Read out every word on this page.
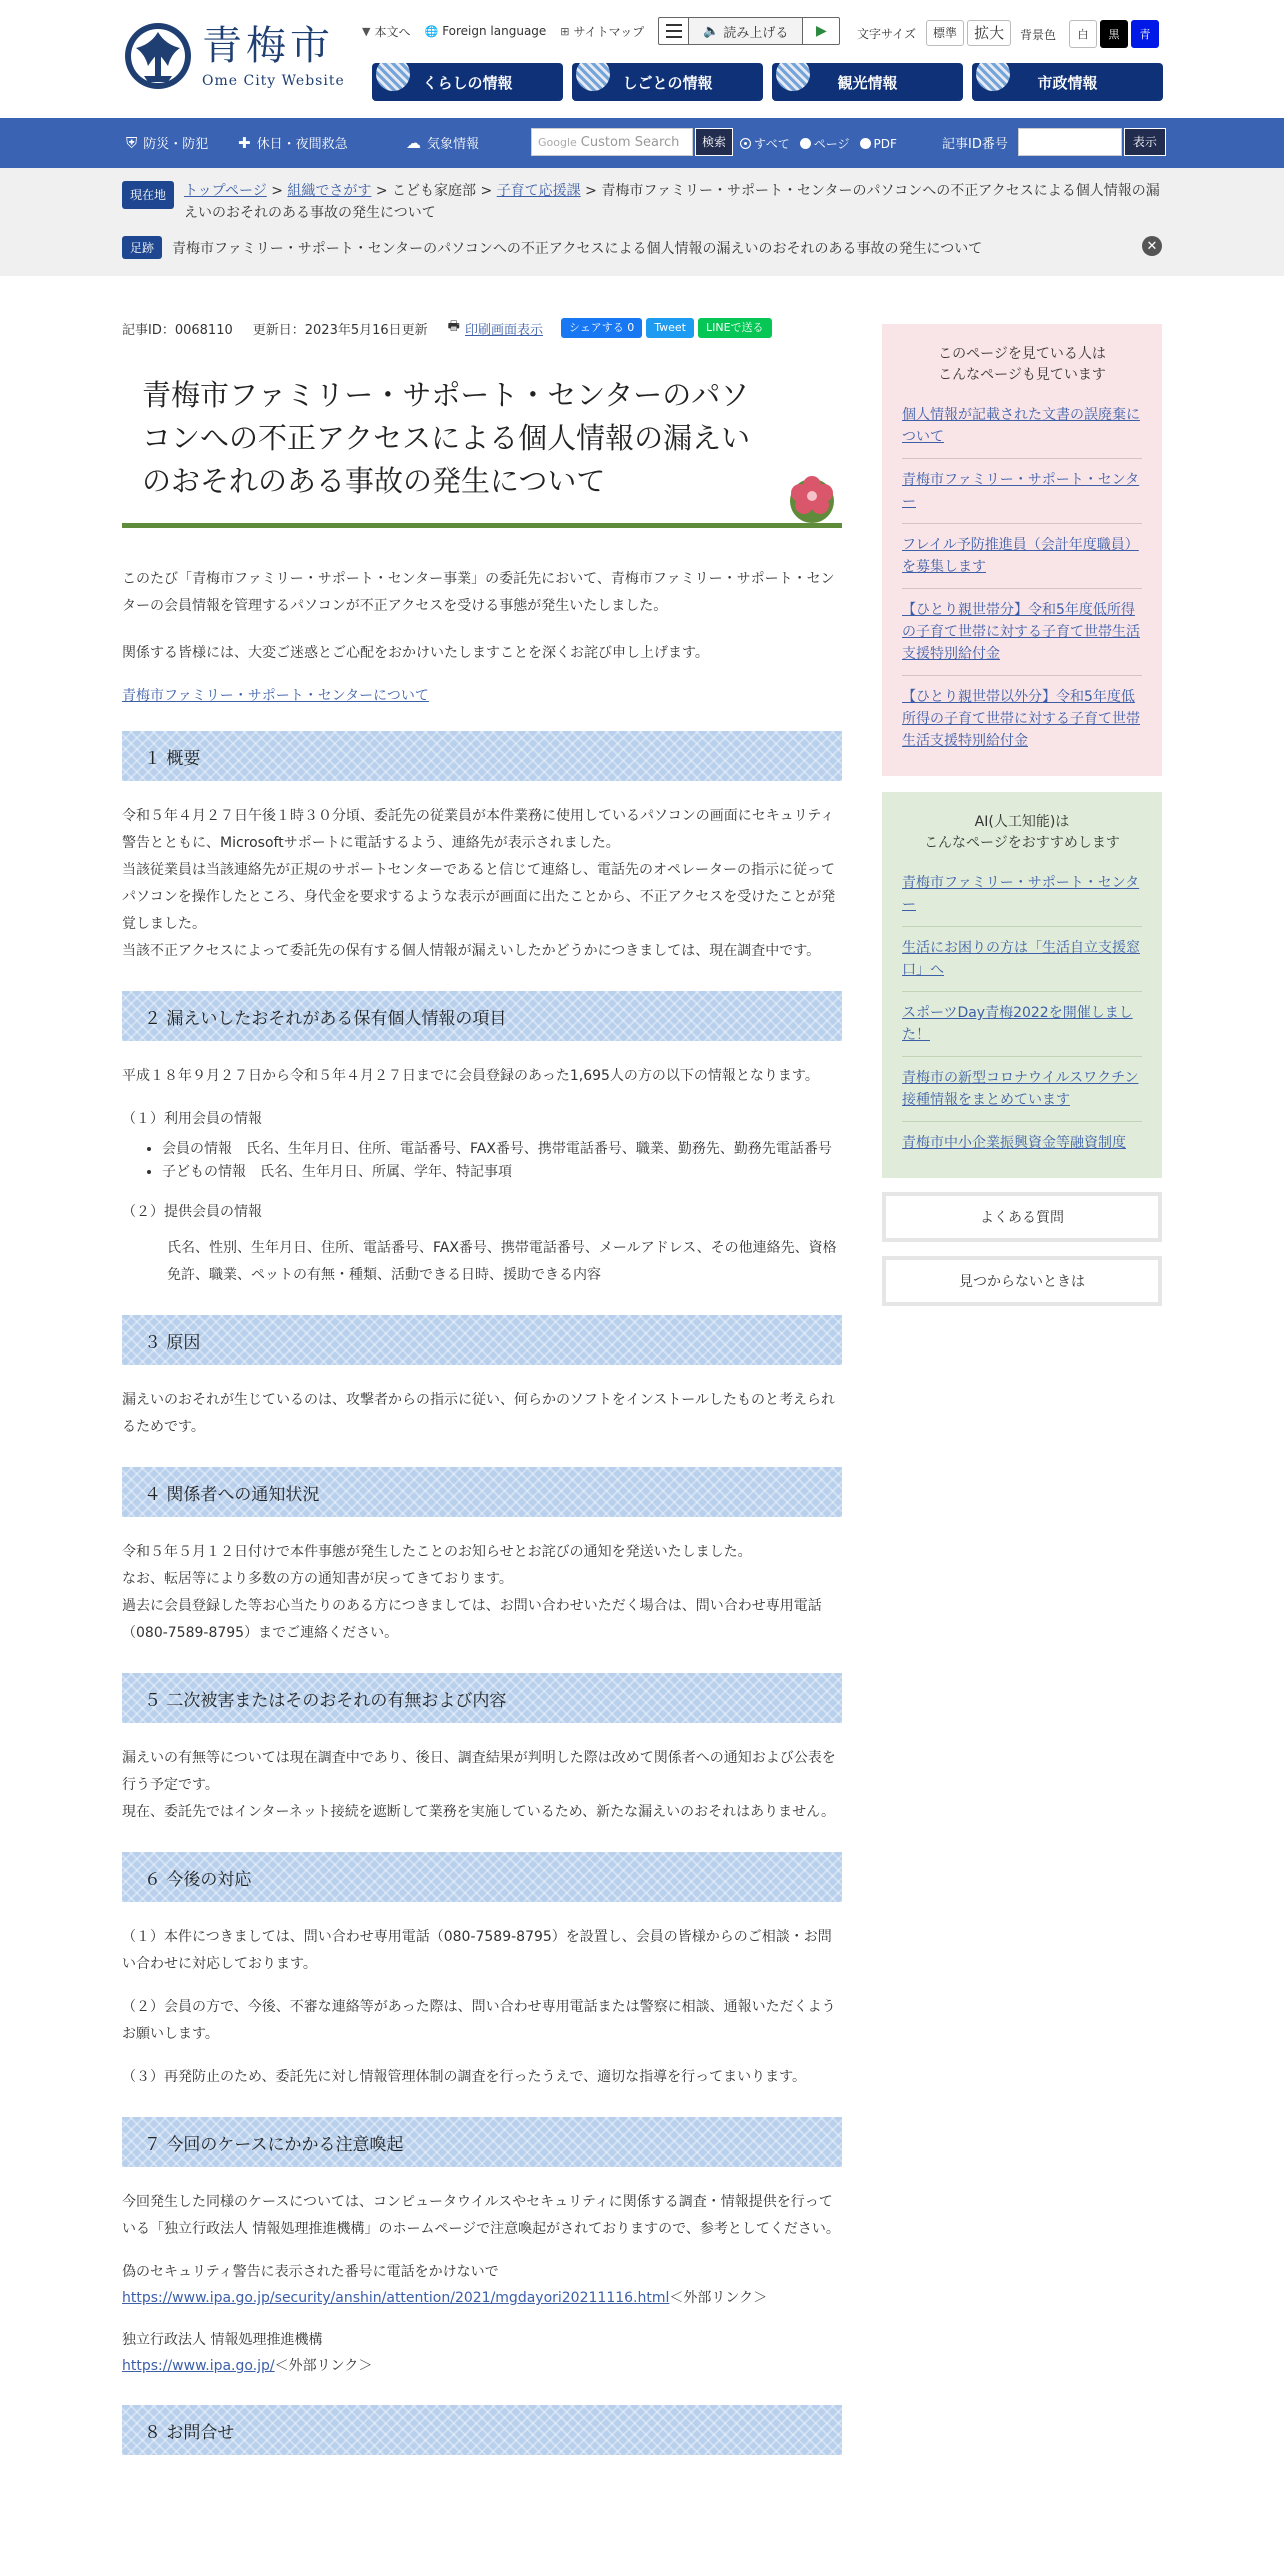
青梅市
Ome City Website
▼ 本文へ 🌐 Foreign language ⊞ サイトマップ	🔈 読み上げる	▶	文字サイズ	標準	拡大	背景色	白	黒	青
くらしの情報	しごとの情報	観光情報	市政情報
⛨ 防災・防犯 ✚ 休日・夜間救急	☁ 気象情報	Google Custom Search	検索	すべて ページ PDF	記事ID番号	表示
現在地	トップページ > 組織でさがす > こども家庭部 > 子育て応援課 > 青梅市ファミリー・サポート・センターのパソコンへの不正アクセスによる個人情報の漏えいのおそれのある事故の発生について
足跡	青梅市ファミリー・サポート・センターのパソコンへの不正アクセスによる個人情報の漏えいのおそれのある事故の発生について	✕
記事ID：0068110 更新日：2023年5月16日更新 🖶 印刷画面表示	シェアする 0	Tweet	LINEで送る
青梅市ファミリー・サポート・センターのパソコンへの不正アクセスによる個人情報の漏えいのおそれのある事故の発生について

このたび「青梅市ファミリー・サポート・センター事業」の委託先において、青梅市ファミリー・サポート・センターの会員情報を管理するパソコンが不正アクセスを受ける事態が発生いたしました。

関係する皆様には、大変ご迷惑とご心配をおかけいたしますことを深くお詫び申し上げます。

青梅市ファミリー・サポート・センターについて
１ 概要
令和５年４月２７日午後１時３０分頃、委託先の従業員が本件業務に使用しているパソコンの画面にセキュリティ警告とともに、Microsoftサポートに電話するよう、連絡先が表示されました。
当該従業員は当該連絡先が正規のサポートセンターであると信じて連絡し、電話先のオペレーターの指示に従ってパソコンを操作したところ、身代金を要求するような表示が画面に出たことから、不正アクセスを受けたことが発覚しました。
当該不正アクセスによって委託先の保有する個人情報が漏えいしたかどうかにつきましては、現在調査中です。
２ 漏えいしたおそれがある保有個人情報の項目
平成１８年９月２７日から令和５年４月２７日までに会員登録のあった1,695人の方の以下の情報となります。
（１）利用会員の情報
• 会員の情報　氏名、生年月日、住所、電話番号、FAX番号、携帯電話番号、職業、勤務先、勤務先電話番号
• 子どもの情報　氏名、生年月日、所属、学年、特記事項
（２）提供会員の情報
氏名、性別、生年月日、住所、電話番号、FAX番号、携帯電話番号、メールアドレス、その他連絡先、資格免許、職業、ペットの有無・種類、活動できる日時、援助できる内容
３ 原因
漏えいのおそれが生じているのは、攻撃者からの指示に従い、何らかのソフトをインストールしたものと考えられるためです。
４ 関係者への通知状況
令和５年５月１２日付けで本件事態が発生したことのお知らせとお詫びの通知を発送いたしました。
なお、転居等により多数の方の通知書が戻ってきております。
過去に会員登録した等お心当たりのある方につきましては、お問い合わせいただく場合は、問い合わせ専用電話（080-7589-8795）までご連絡ください。
５ 二次被害またはそのおそれの有無および内容
漏えいの有無等については現在調査中であり、後日、調査結果が判明した際は改めて関係者への通知および公表を行う予定です。
現在、委託先ではインターネット接続を遮断して業務を実施しているため、新たな漏えいのおそれはありません。
６ 今後の対応
（１）本件につきましては、問い合わせ専用電話（080-7589-8795）を設置し、会員の皆様からのご相談・お問い合わせに対応しております。
（２）会員の方で、今後、不審な連絡等があった際は、問い合わせ専用電話または警察に相談、通報いただくようお願いします。
（３）再発防止のため、委託先に対し情報管理体制の調査を行ったうえで、適切な指導を行ってまいります。
７ 今回のケースにかかる注意喚起
今回発生した同様のケースについては、コンピュータウイルスやセキュリティに関係する調査・情報提供を行っている「独立行政法人 情報処理推進機構」のホームページで注意喚起がされておりますので、参考としてください。
偽のセキュリティ警告に表示された番号に電話をかけないで
https://www.ipa.go.jp/security/anshin/attention/2021/mgdayori20211116.html＜外部リンク＞
独立行政法人 情報処理推進機構
https://www.ipa.go.jp/＜外部リンク＞
８ お問合せ
このページを見ている人は
こんなページも見ています
個人情報が記載された文書の誤廃棄について
青梅市ファミリー・サポート・センター
フレイル予防推進員（会計年度職員）を募集します
【ひとり親世帯分】令和5年度低所得の子育て世帯に対する子育て世帯生活支援特別給付金
【ひとり親世帯以外分】令和5年度低所得の子育て世帯に対する子育て世帯生活支援特別給付金
AI(人工知能)は
こんなページをおすすめします
青梅市ファミリー・サポート・センター
生活にお困りの方は「生活自立支援窓口」へ
スポーツDay青梅2022を開催しました！
青梅市の新型コロナウイルスワクチン接種情報をまとめています
青梅市中小企業振興資金等融資制度
よくある質問
見つからないときは
